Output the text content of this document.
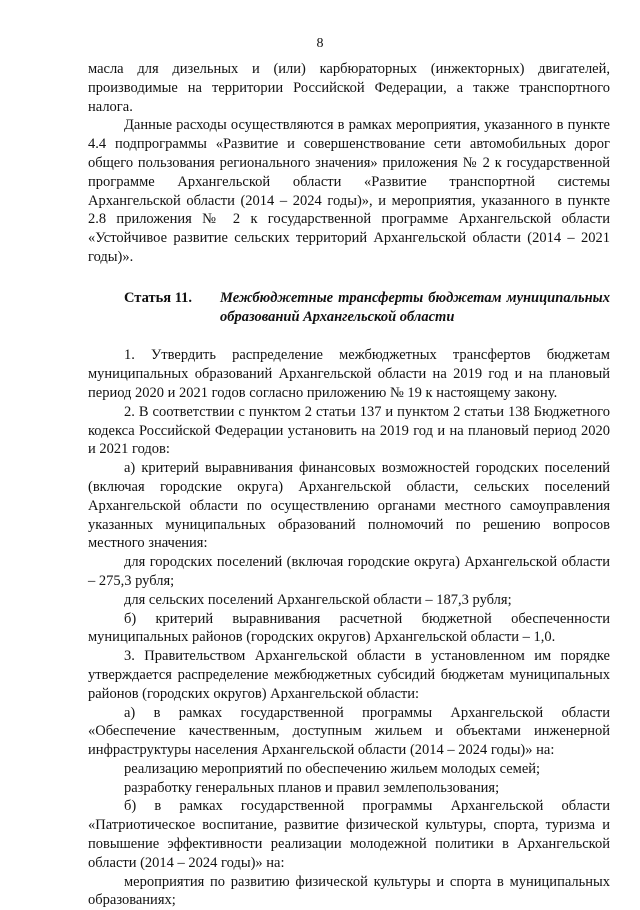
8

масла для дизельных и (или) карбюраторных (инжекторных) двигателей, производимые на территории Российской Федерации, а также транспортного налога.

Данные расходы осуществляются в рамках мероприятия, указанного в пункте 4.4 подпрограммы «Развитие и совершенствование сети автомобильных дорог общего пользования регионального значения» приложения № 2 к государственной программе Архангельской области «Развитие транспортной системы Архангельской области (2014 – 2024 годы)», и мероприятия, указанного в пункте 2.8 приложения № 2 к государственной программе Архангельской области «Устойчивое развитие сельских территорий Архангельской области (2014 – 2021 годы)».

Статья 11.	Межбюджетные трансферты бюджетам муниципальных образований Архангельской области

1. Утвердить распределение межбюджетных трансфертов бюджетам муниципальных образований Архангельской области на 2019 год и на плановый период 2020 и 2021 годов согласно приложению № 19 к настоящему закону.

2. В соответствии с пунктом 2 статьи 137 и пунктом 2 статьи 138 Бюджетного кодекса Российской Федерации установить на 2019 год и на плановый период 2020 и 2021 годов:

а) критерий выравнивания финансовых возможностей городских поселений (включая городские округа) Архангельской области, сельских поселений Архангельской области по осуществлению органами местного самоуправления указанных муниципальных образований полномочий по решению вопросов местного значения:

для городских поселений (включая городские округа) Архангельской области – 275,3 рубля;

для сельских поселений Архангельской области – 187,3 рубля;

б) критерий выравнивания расчетной бюджетной обеспеченности муниципальных районов (городских округов) Архангельской области – 1,0.

3. Правительством Архангельской области в установленном им порядке утверждается распределение межбюджетных субсидий бюджетам муниципальных районов (городских округов) Архангельской области:

а) в рамках государственной программы Архангельской области «Обеспечение качественным, доступным жильем и объектами инженерной инфраструктуры населения Архангельской области (2014 – 2024 годы)» на:

реализацию мероприятий по обеспечению жильем молодых семей;

разработку генеральных планов и правил землепользования;

б) в рамках государственной программы Архангельской области «Патриотическое воспитание, развитие физической культуры, спорта, туризма и повышение эффективности реализации молодежной политики в Архангельской области (2014 – 2024 годы)» на:

мероприятия по развитию физической культуры и спорта в муниципальных образованиях;
